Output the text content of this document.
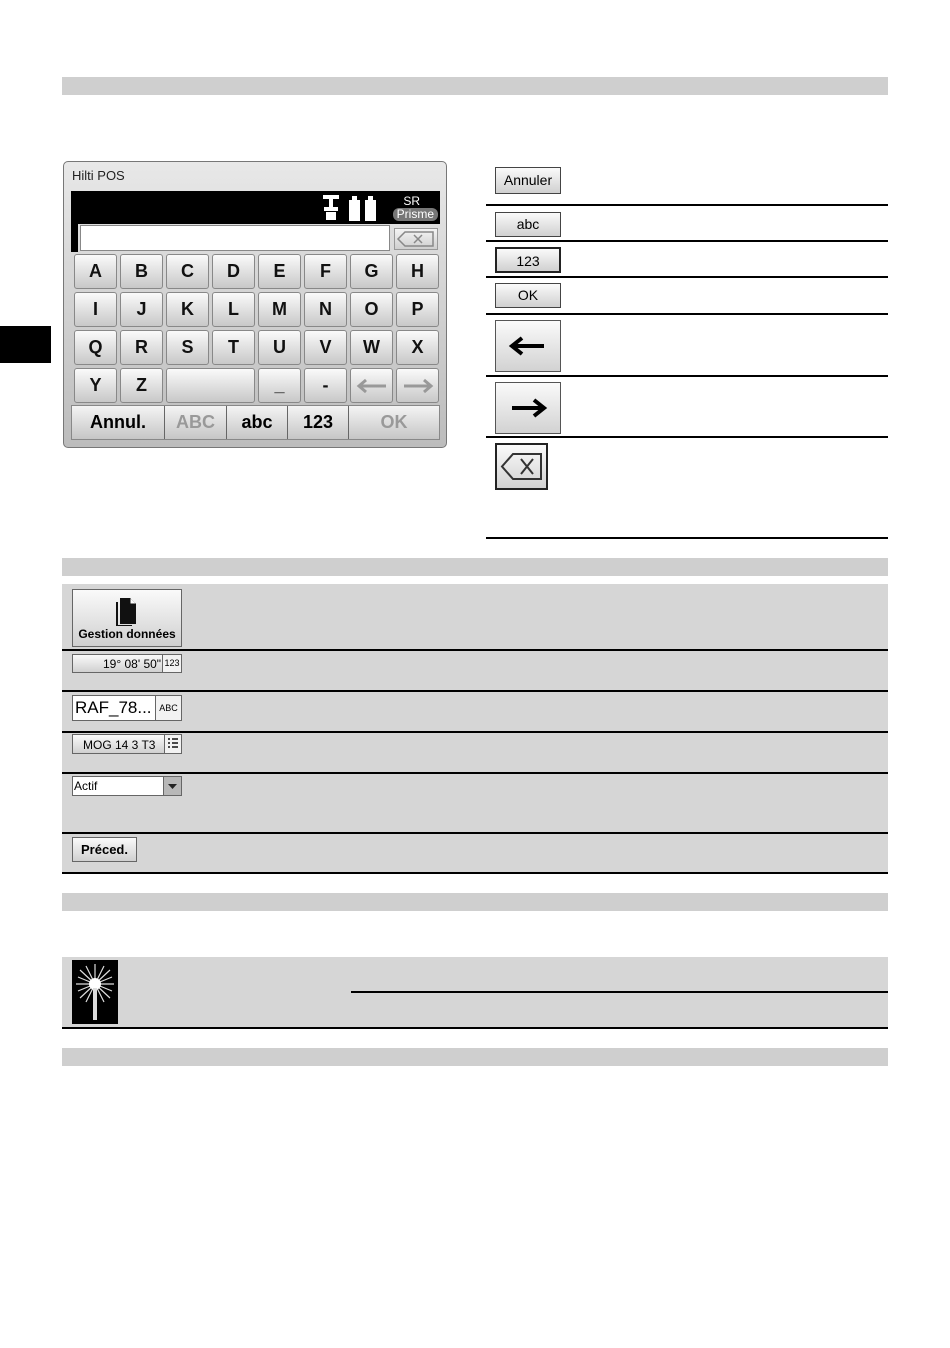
Hilti POS
SR
Prisme
A	B	C	D	E	F	G	H
I	J	K	L	M	N	O	P
Q	R	S	T	U	V	W	X
Y	Z	_	-
Annul.	ABC	abc	123	OK
Annuler
abc
123
OK
Gestion données
19° 08' 50" 123
RAF_78... ABC
MOG 14 3 T3
Actif
Préced.
